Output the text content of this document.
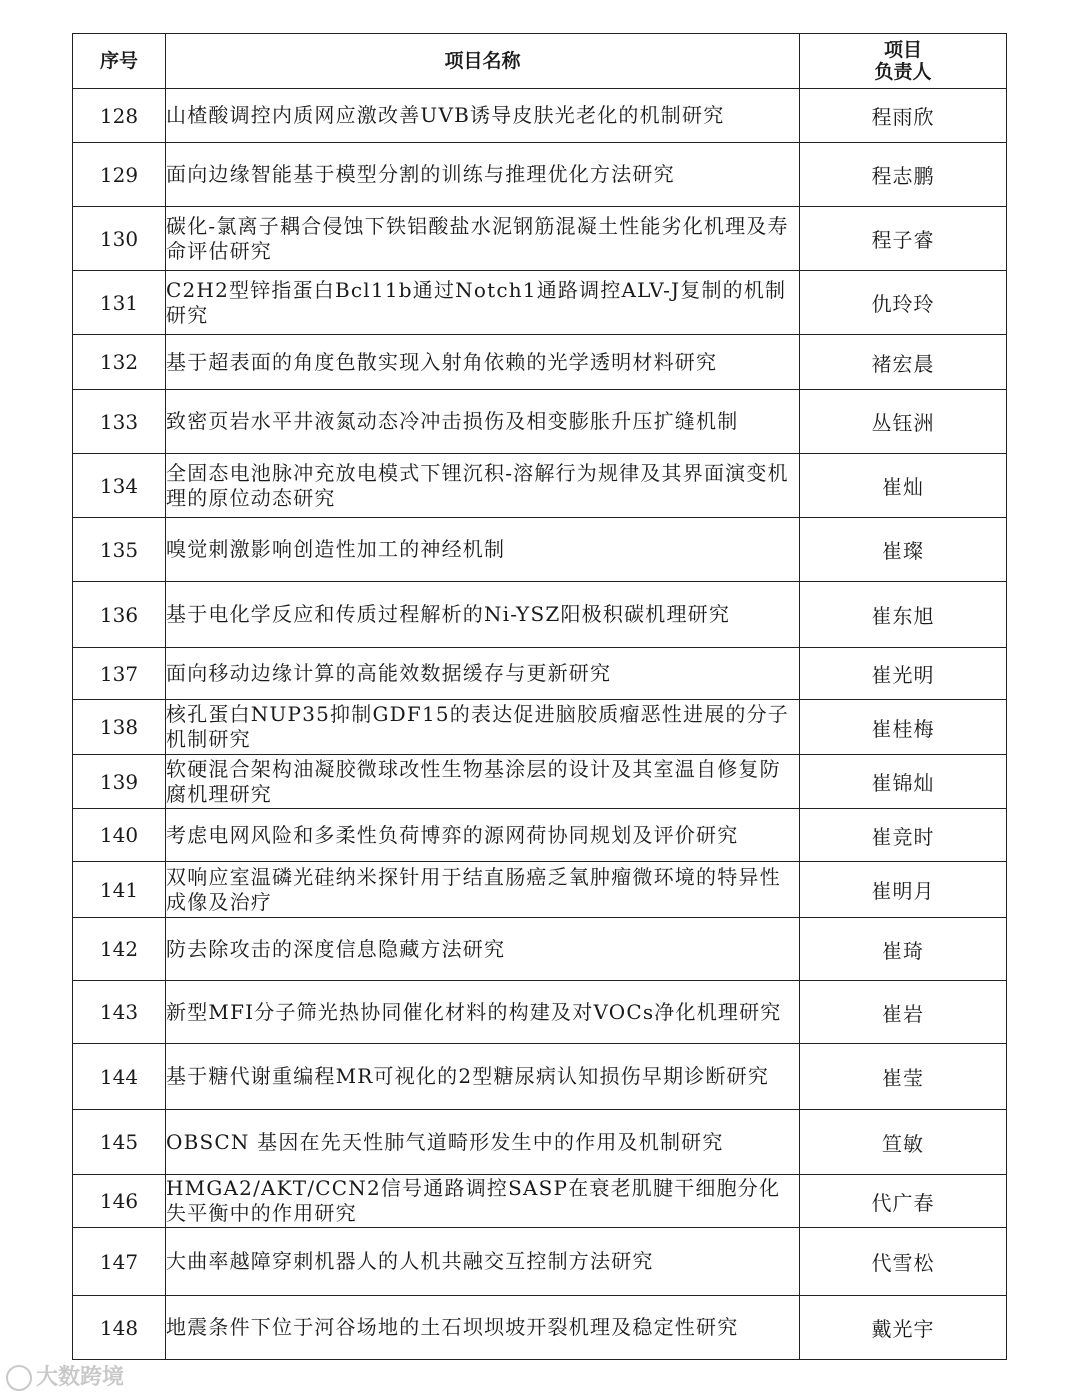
序号	项目名称	项目
负责人

128	山楂酸调控内质网应激改善UVB诱导皮肤光老化的机制研究	程雨欣
129	面向边缘智能基于模型分割的训练与推理优化方法研究	程志鹏
130	碳化-氯离子耦合侵蚀下铁铝酸盐水泥钢筋混凝土性能劣化机理及寿命评估研究	程子睿
131	C2H2型锌指蛋白Bcl11b通过Notch1通路调控ALV-J复制的机制研究	仇玲玲
132	基于超表面的角度色散实现入射角依赖的光学透明材料研究	褚宏晨
133	致密页岩水平井液氮动态冷冲击损伤及相变膨胀升压扩缝机制	丛钰洲
134	全固态电池脉冲充放电模式下锂沉积-溶解行为规律及其界面演变机理的原位动态研究	崔灿
135	嗅觉刺激影响创造性加工的神经机制	崔璨
136	基于电化学反应和传质过程解析的Ni-YSZ阳极积碳机理研究	崔东旭
137	面向移动边缘计算的高能效数据缓存与更新研究	崔光明
138	核孔蛋白NUP35抑制GDF15的表达促进脑胶质瘤恶性进展的分子机制研究	崔桂梅
139	软硬混合架构油凝胶微球改性生物基涂层的设计及其室温自修复防腐机理研究	崔锦灿
140	考虑电网风险和多柔性负荷博弈的源网荷协同规划及评价研究	崔竞时
141	双响应室温磷光硅纳米探针用于结直肠癌乏氧肿瘤微环境的特异性成像及治疗	崔明月
142	防去除攻击的深度信息隐藏方法研究	崔琦
143	新型MFI分子筛光热协同催化材料的构建及对VOCs净化机理研究	崔岩
144	基于糖代谢重编程MR可视化的2型糖尿病认知损伤早期诊断研究	崔莹
145	OBSCN 基因在先天性肺气道畸形发生中的作用及机制研究	笪敏
146	HMGA2/AKT/CCN2信号通路调控SASP在衰老肌腱干细胞分化失平衡中的作用研究	代广春
147	大曲率越障穿刺机器人的人机共融交互控制方法研究	代雪松
148	地震条件下位于河谷场地的土石坝坝坡开裂机理及稳定性研究	戴光宇
大数跨境
